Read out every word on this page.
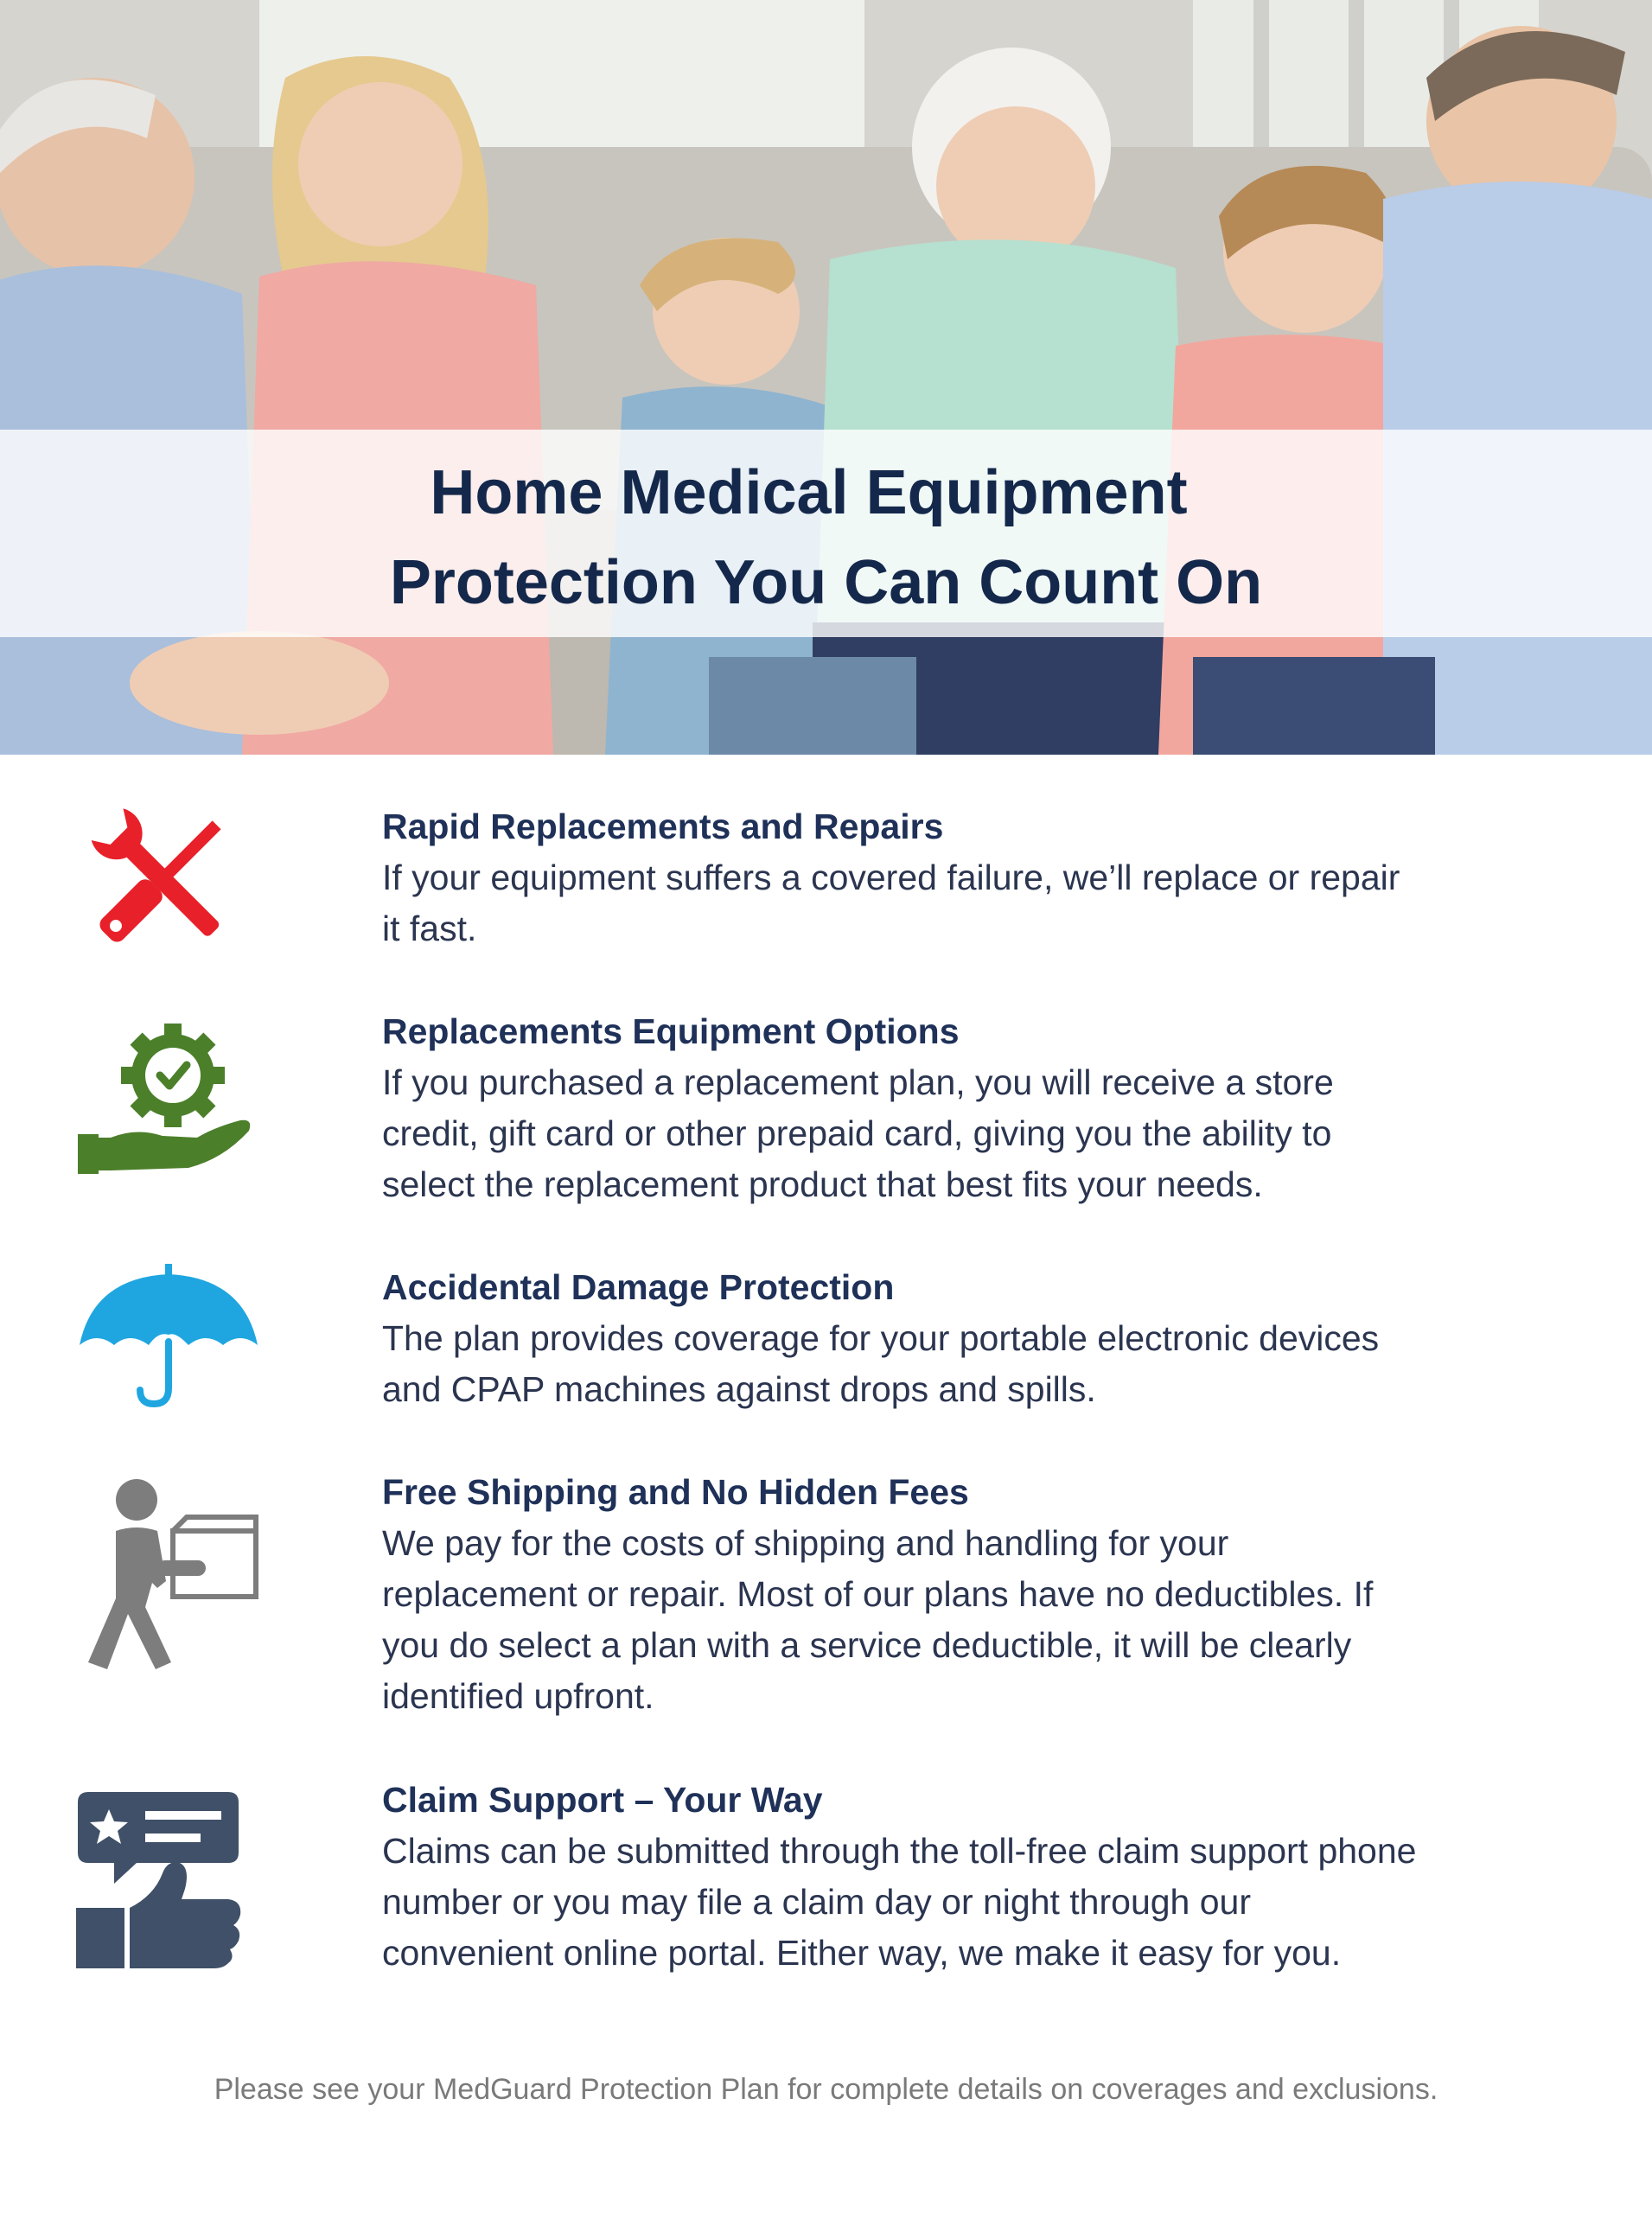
Home Medical Equipment
Protection You Can Count On
Rapid Replacements and Repairs

If your equipment suffers a covered failure, we’ll replace or repair
it fast.

Replacements Equipment Options

If you purchased a replacement plan, you will receive a store
credit, gift card or other prepaid card, giving you the ability to
select the replacement product that best fits your needs.

Accidental Damage Protection

The plan provides coverage for your portable electronic devices
and CPAP machines against drops and spills.

Free Shipping and No Hidden Fees

We pay for the costs of shipping and handling for your
replacement or repair. Most of our plans have no deductibles. If
you do select a plan with a service deductible, it will be clearly
identified upfront.

Claim Support – Your Way

Claims can be submitted through the toll-free claim support phone
number or you may file a claim day or night through our
convenient online portal. Either way, we make it easy for you.

Please see your MedGuard Protection Plan for complete details on coverages and exclusions.
